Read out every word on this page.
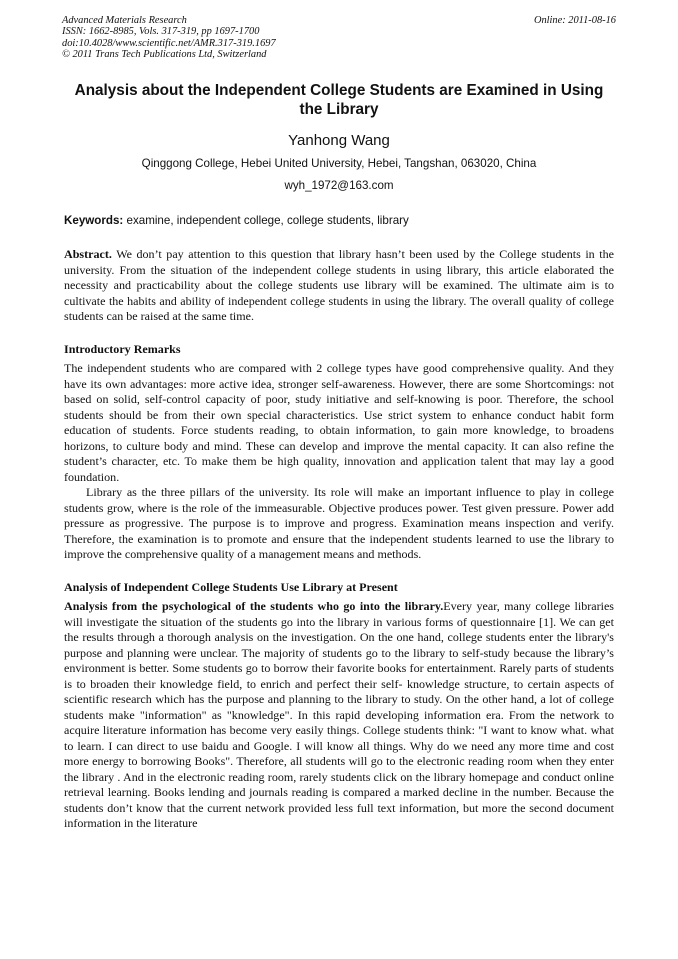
Advanced Materials Research
ISSN: 1662-8985, Vols. 317-319, pp 1697-1700
doi:10.4028/www.scientific.net/AMR.317-319.1697
© 2011 Trans Tech Publications Ltd, Switzerland
Online: 2011-08-16
Analysis about the Independent College Students are Examined in Using the Library
Yanhong Wang
Qinggong College, Hebei United University, Hebei, Tangshan, 063020, China
wyh_1972@163.com
Keywords: examine, independent college, college students, library

Abstract. We don’t pay attention to this question that library hasn’t been used by the College students in the university. From the situation of the independent college students in using library, this article elaborated the necessity and practicability about the college students use library will be examined. The ultimate aim is to cultivate the habits and ability of independent college students in using the library. The overall quality of college students can be raised at the same time.

Introductory Remarks

The independent students who are compared with 2 college types have good comprehensive quality. And they have its own advantages: more active idea, stronger self-awareness. However, there are some Shortcomings: not based on solid, self-control capacity of poor, study initiative and self-knowing is poor. Therefore, the school students should be from their own special characteristics. Use strict system to enhance conduct habit form education of students. Force students reading, to obtain information, to gain more knowledge, to broadens horizons, to culture body and mind. These can develop and improve the mental capacity. It can also refine the student’s character, etc. To make them be high quality, innovation and application talent that may lay a good foundation.

Library as the three pillars of the university. Its role will make an important influence to play in college students grow, where is the role of the immeasurable. Objective produces power. Test given pressure. Power add pressure as progressive. The purpose is to improve and progress. Examination means inspection and verify. Therefore, the examination is to promote and ensure that the independent students learned to use the library to improve the comprehensive quality of a management means and methods.

Analysis of Independent College Students Use Library at Present

Analysis from the psychological of the students who go into the library.Every year, many college libraries will investigate the situation of the students go into the library in various forms of questionnaire [1]. We can get the results through a thorough analysis on the investigation. On the one hand, college students enter the library's purpose and planning were unclear. The majority of students go to the library to self-study because the library’s environment is better. Some students go to borrow their favorite books for entertainment. Rarely parts of students is to broaden their knowledge field, to enrich and perfect their self- knowledge structure, to certain aspects of scientific research which has the purpose and planning to the library to study. On the other hand, a lot of college students make "information" as "knowledge". In this rapid developing information era. From the network to acquire literature information has become very easily things. College students think: "I want to know what. what to learn. I can direct to use baidu and Google. I will know all things. Why do we need any more time and cost more energy to borrowing Books". Therefore, all students will go to the electronic reading room when they enter the library . And in the electronic reading room, rarely students click on the library homepage and conduct online retrieval learning. Books lending and journals reading is compared a marked decline in the number. Because the students don’t know that the current network provided less full text information, but more the second document information in the literature
